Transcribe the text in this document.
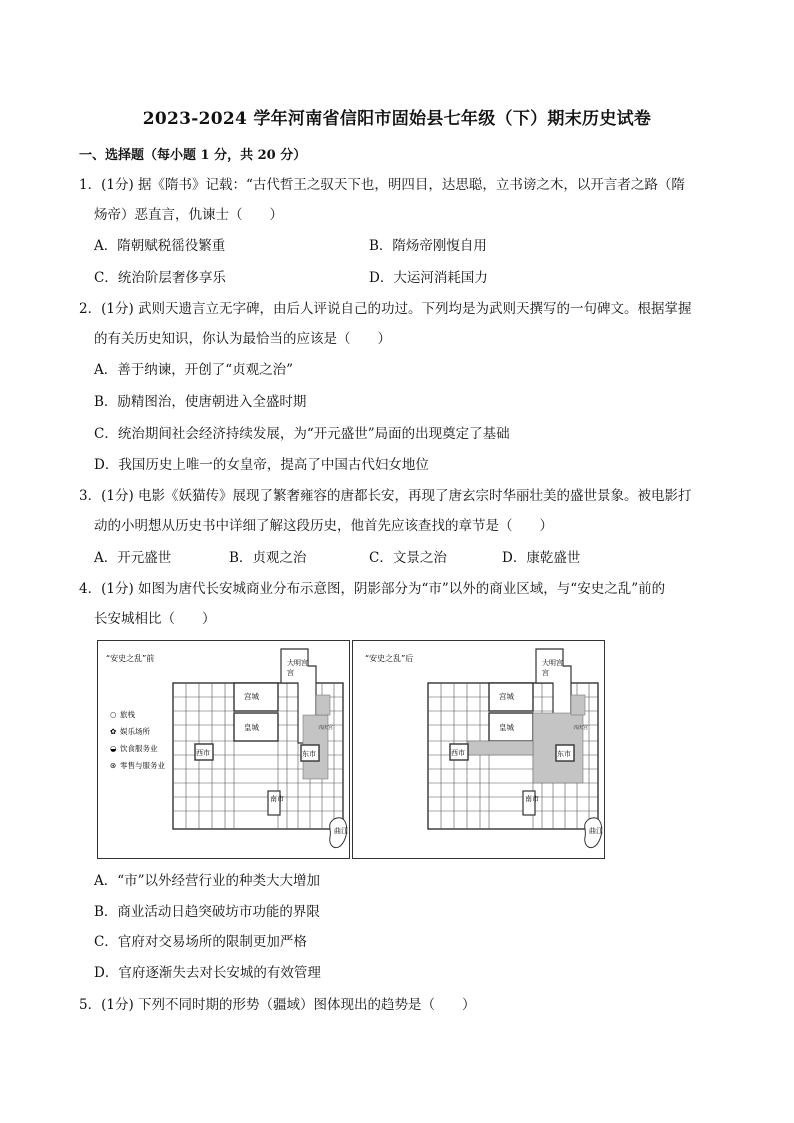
2023-2024 学年河南省信阳市固始县七年级（下）期末历史试卷
一、选择题（每小题 1 分，共 20 分）
1．(1分) 据《隋书》记载：“古代哲王之驭天下也，明四目，达思聪，立书谤之木，以开言者之路（隋
炀帝）恶直言，仇谏士（　　）
A．隋朝赋税徭役繁重	B．隋炀帝刚愎自用
C．统治阶层奢侈享乐	D．大运河消耗国力
2．(1分) 武则天遗言立无字碑，由后人评说自己的功过。下列均是为武则天撰写的一句碑文。根据掌握
的有关历史知识，你认为最恰当的应该是（　　）
A．善于纳谏，开创了“贞观之治”
B．励精图治，使唐朝进入全盛时期
C．统治期间社会经济持续发展，为“开元盛世”局面的出现奠定了基础
D．我国历史上唯一的女皇帝，提高了中国古代妇女地位
3．(1分) 电影《妖猫传》展现了繁奢雍容的唐都长安，再现了唐玄宗时华丽壮美的盛世景象。被电影打
动的小明想从历史书中详细了解这段历史，他首先应该查找的章节是（　　）
A．开元盛世	B．贞观之治	C．文景之治	D．康乾盛世
4．(1分) 如图为唐代长安城商业分布示意图，阴影部分为“市”以外的商业区域，与“安史之乱”前的
长安城相比（　　）
“安史之乱”前	大明宫
宫
宫城
皇城	兴庆宫
西市	东市
南市
曲江
○ 旅栈
✿ 娱乐场所
◒ 饮食服务业
⊛ 零售与服务业
“安史之乱”后	大明宫
宫
宫城
皇城	兴庆宫
西市	东市
南市
曲江
A．“市”以外经营行业的种类大大增加
B．商业活动日趋突破坊市功能的界限
C．官府对交易场所的限制更加严格
D．官府逐渐失去对长安城的有效管理
5．(1分) 下列不同时期的形势（疆域）图体现出的趋势是（　　）
